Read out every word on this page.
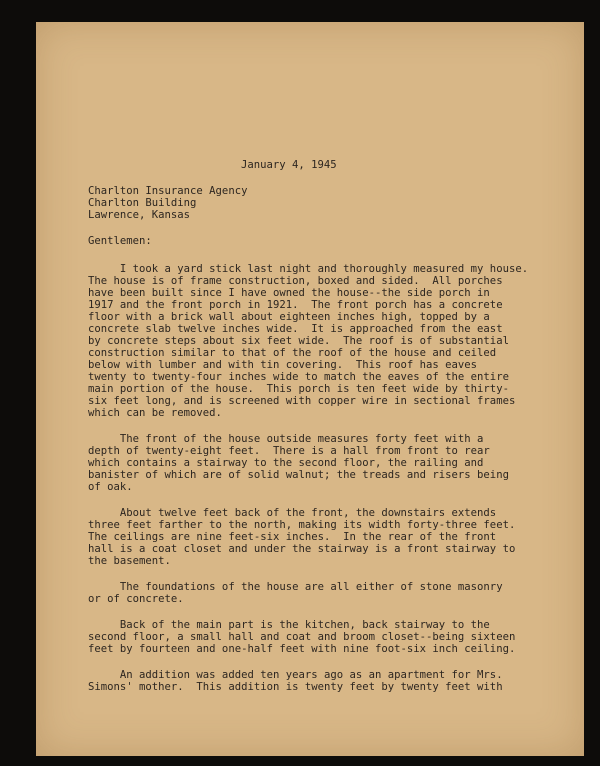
January 4, 1945
Charlton Insurance Agency
Charlton Building
Lawrence, Kansas
Gentlemen:
I took a yard stick last night and thoroughly measured my house.
The house is of frame construction, boxed and sided.  All porches
have been built since I have owned the house--the side porch in
1917 and the front porch in 1921.  The front porch has a concrete
floor with a brick wall about eighteen inches high, topped by a
concrete slab twelve inches wide.  It is approached from the east
by concrete steps about six feet wide.  The roof is of substantial
construction similar to that of the roof of the house and ceiled
below with lumber and with tin covering.  This roof has eaves
twenty to twenty-four inches wide to match the eaves of the entire
main portion of the house.  This porch is ten feet wide by thirty-
six feet long, and is screened with copper wire in sectional frames
which can be removed.
The front of the house outside measures forty feet with a
depth of twenty-eight feet.  There is a hall from front to rear
which contains a stairway to the second floor, the railing and
banister of which are of solid walnut; the treads and risers being
of oak.
About twelve feet back of the front, the downstairs extends
three feet farther to the north, making its width forty-three feet.
The ceilings are nine feet-six inches.  In the rear of the front
hall is a coat closet and under the stairway is a front stairway to
the basement.
The foundations of the house are all either of stone masonry
or of concrete.
Back of the main part is the kitchen, back stairway to the
second floor, a small hall and coat and broom closet--being sixteen
feet by fourteen and one-half feet with nine foot-six inch ceiling.
An addition was added ten years ago as an apartment for Mrs.
Simons' mother.  This addition is twenty feet by twenty feet with
